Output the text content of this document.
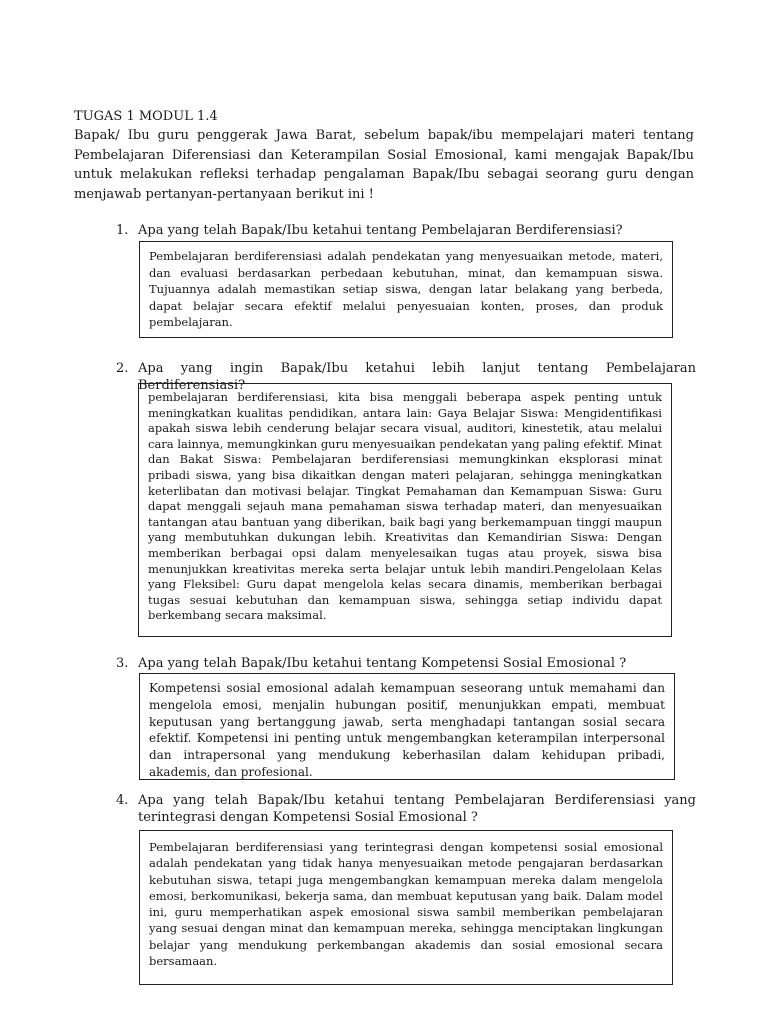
TUGAS 1 MODUL 1.4

Bapak/ Ibu guru penggerak Jawa Barat, sebelum bapak/ibu mempelajari materi tentang Pembelajaran Diferensiasi dan Keterampilan Sosial Emosional, kami mengajak Bapak/Ibu untuk melakukan refleksi terhadap pengalaman Bapak/Ibu sebagai seorang guru dengan menjawab pertanyan-pertanyaan berikut ini !

1. Apa yang telah Bapak/Ibu ketahui tentang Pembelajaran Berdiferensiasi?

Pembelajaran berdiferensiasi adalah pendekatan yang menyesuaikan metode, materi, dan evaluasi berdasarkan perbedaan kebutuhan, minat, dan kemampuan siswa. Tujuannya adalah memastikan setiap siswa, dengan latar belakang yang berbeda, dapat belajar secara efektif melalui penyesuaian konten, proses, dan produk pembelajaran.

2. Apa yang ingin Bapak/Ibu ketahui lebih lanjut tentang Pembelajaran Berdiferensiasi?

pembelajaran berdiferensiasi, kita bisa menggali beberapa aspek penting untuk meningkatkan kualitas pendidikan, antara lain: Gaya Belajar Siswa: Mengidentifikasi apakah siswa lebih cenderung belajar secara visual, auditori, kinestetik, atau melalui cara lainnya, memungkinkan guru menyesuaikan pendekatan yang paling efektif. Minat dan Bakat Siswa: Pembelajaran berdiferensiasi memungkinkan eksplorasi minat pribadi siswa, yang bisa dikaitkan dengan materi pelajaran, sehingga meningkatkan keterlibatan dan motivasi belajar. Tingkat Pemahaman dan Kemampuan Siswa: Guru dapat menggali sejauh mana pemahaman siswa terhadap materi, dan menyesuaikan tantangan atau bantuan yang diberikan, baik bagi yang berkemampuan tinggi maupun yang membutuhkan dukungan lebih. Kreativitas dan Kemandirian Siswa: Dengan memberikan berbagai opsi dalam menyelesaikan tugas atau proyek, siswa bisa menunjukkan kreativitas mereka serta belajar untuk lebih mandiri.Pengelolaan Kelas yang Fleksibel: Guru dapat mengelola kelas secara dinamis, memberikan berbagai tugas sesuai kebutuhan dan kemampuan siswa, sehingga setiap individu dapat berkembang secara maksimal.

3. Apa yang telah Bapak/Ibu ketahui tentang Kompetensi Sosial Emosional ?

Kompetensi sosial emosional adalah kemampuan seseorang untuk memahami dan mengelola emosi, menjalin hubungan positif, menunjukkan empati, membuat keputusan yang bertanggung jawab, serta menghadapi tantangan sosial secara efektif. Kompetensi ini penting untuk mengembangkan keterampilan interpersonal dan intrapersonal yang mendukung keberhasilan dalam kehidupan pribadi, akademis, dan profesional.

4. Apa yang telah Bapak/Ibu ketahui tentang Pembelajaran Berdiferensiasi yang terintegrasi dengan Kompetensi Sosial Emosional ?

Pembelajaran berdiferensiasi yang terintegrasi dengan kompetensi sosial emosional adalah pendekatan yang tidak hanya menyesuaikan metode pengajaran berdasarkan kebutuhan siswa, tetapi juga mengembangkan kemampuan mereka dalam mengelola emosi, berkomunikasi, bekerja sama, dan membuat keputusan yang baik. Dalam model ini, guru memperhatikan aspek emosional siswa sambil memberikan pembelajaran yang sesuai dengan minat dan kemampuan mereka, sehingga menciptakan lingkungan belajar yang mendukung perkembangan akademis dan sosial emosional secara bersamaan.
